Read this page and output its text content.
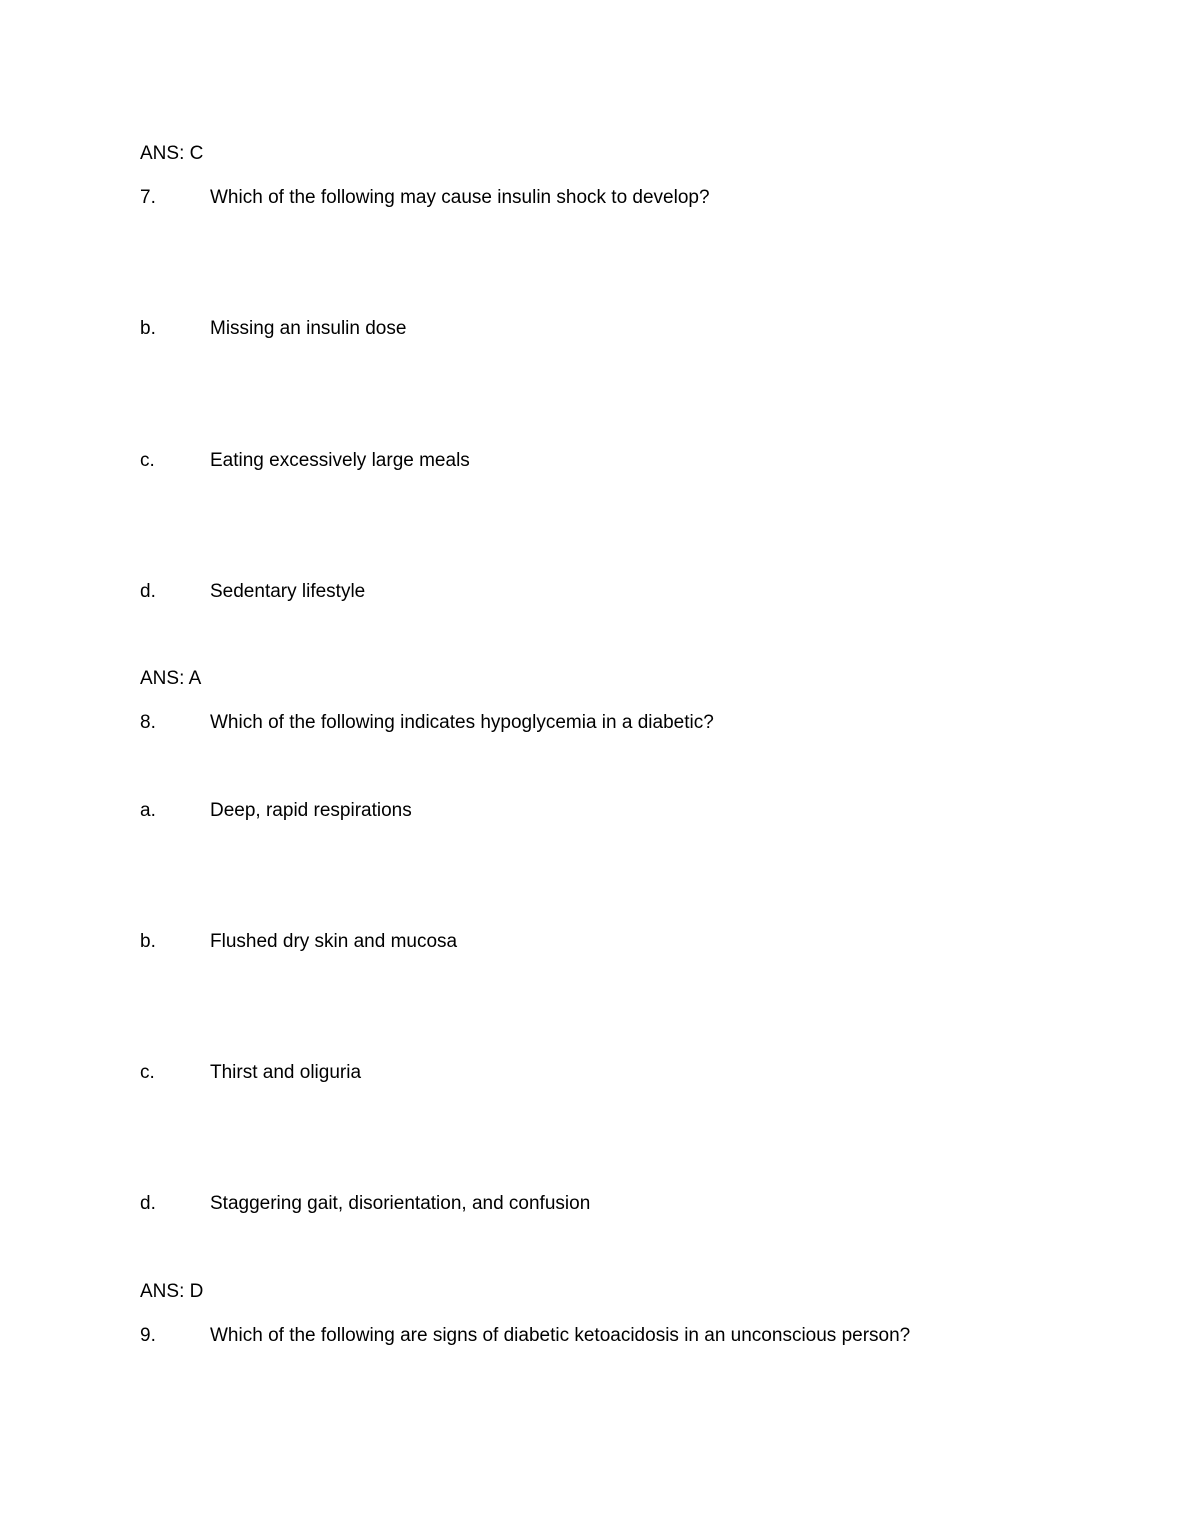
ANS: C
7.	Which of the following may cause insulin shock to develop?
b.	Missing an insulin dose
c.	Eating excessively large meals
d.	Sedentary lifestyle
ANS: A
8.	Which of the following indicates hypoglycemia in a diabetic?
a.	Deep, rapid respirations
b.	Flushed dry skin and mucosa
c.	Thirst and oliguria
d.	Staggering gait, disorientation, and confusion
ANS: D
9.	Which of the following are signs of diabetic ketoacidosis in an unconscious person?
